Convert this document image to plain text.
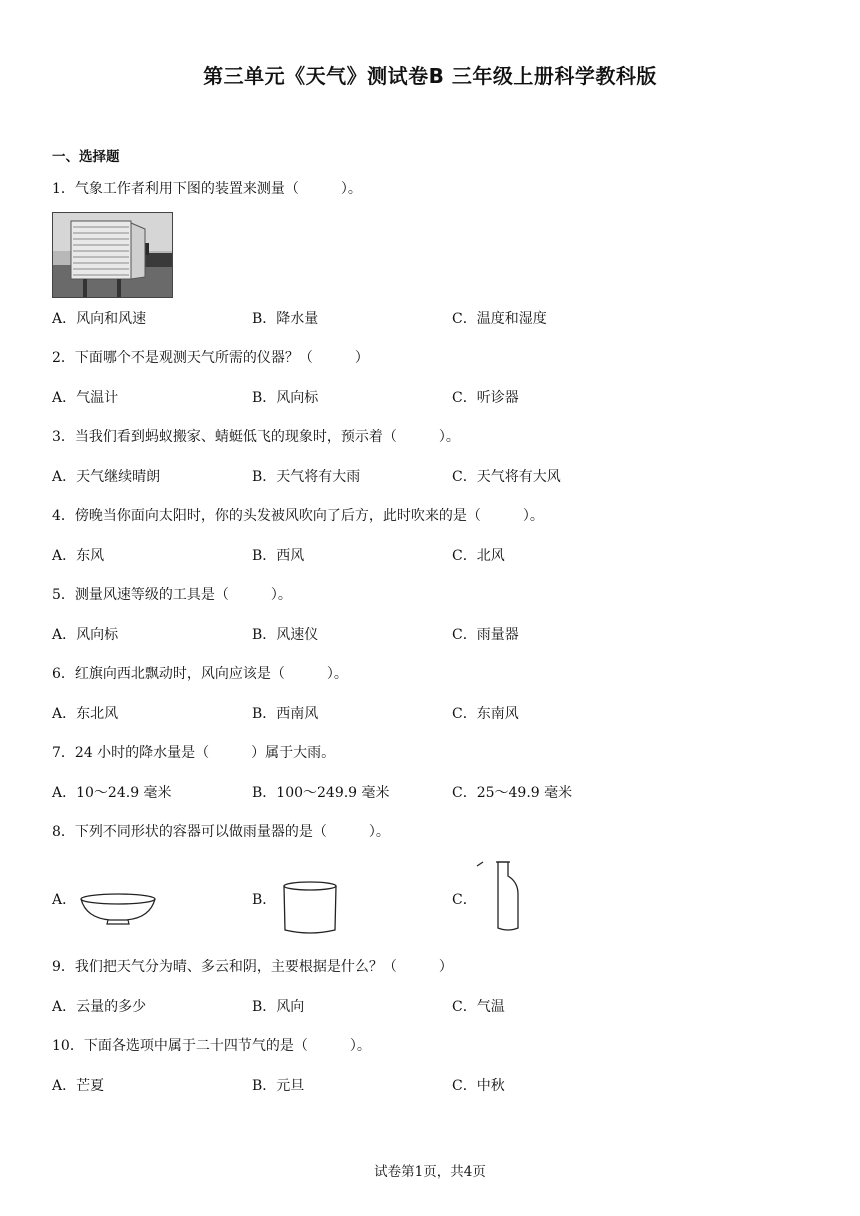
第三单元《天气》测试卷B 三年级上册科学教科版
一、选择题
1．气象工作者利用下图的装置来测量（　　　）。
A．风向和风速	B．降水量	C．温度和湿度
2．下面哪个不是观测天气所需的仪器？（　　　）
A．气温计	B．风向标	C．听诊器
3．当我们看到蚂蚁搬家、蜻蜓低飞的现象时，预示着（　　　）。
A．天气继续晴朗	B．天气将有大雨	C．天气将有大风
4．傍晚当你面向太阳时，你的头发被风吹向了后方，此时吹来的是（　　　）。
A．东风	B．西风	C．北风
5．测量风速等级的工具是（　　　）。
A．风向标	B．风速仪	C．雨量器
6．红旗向西北飘动时，风向应该是（　　　）。
A．东北风	B．西南风	C．东南风
7．24 小时的降水量是（　　　）属于大雨。
A．10～24.9 毫米	B．100～249.9 毫米	C．25～49.9 毫米
8．下列不同形状的容器可以做雨量器的是（　　　）。
A．	B．	C．
9．我们把天气分为晴、多云和阴，主要根据是什么？（　　　）
A．云量的多少	B．风向	C．气温
10．下面各选项中属于二十四节气的是（　　　）。
A．芒夏	B．元旦	C．中秋
试卷第1页，共4页
